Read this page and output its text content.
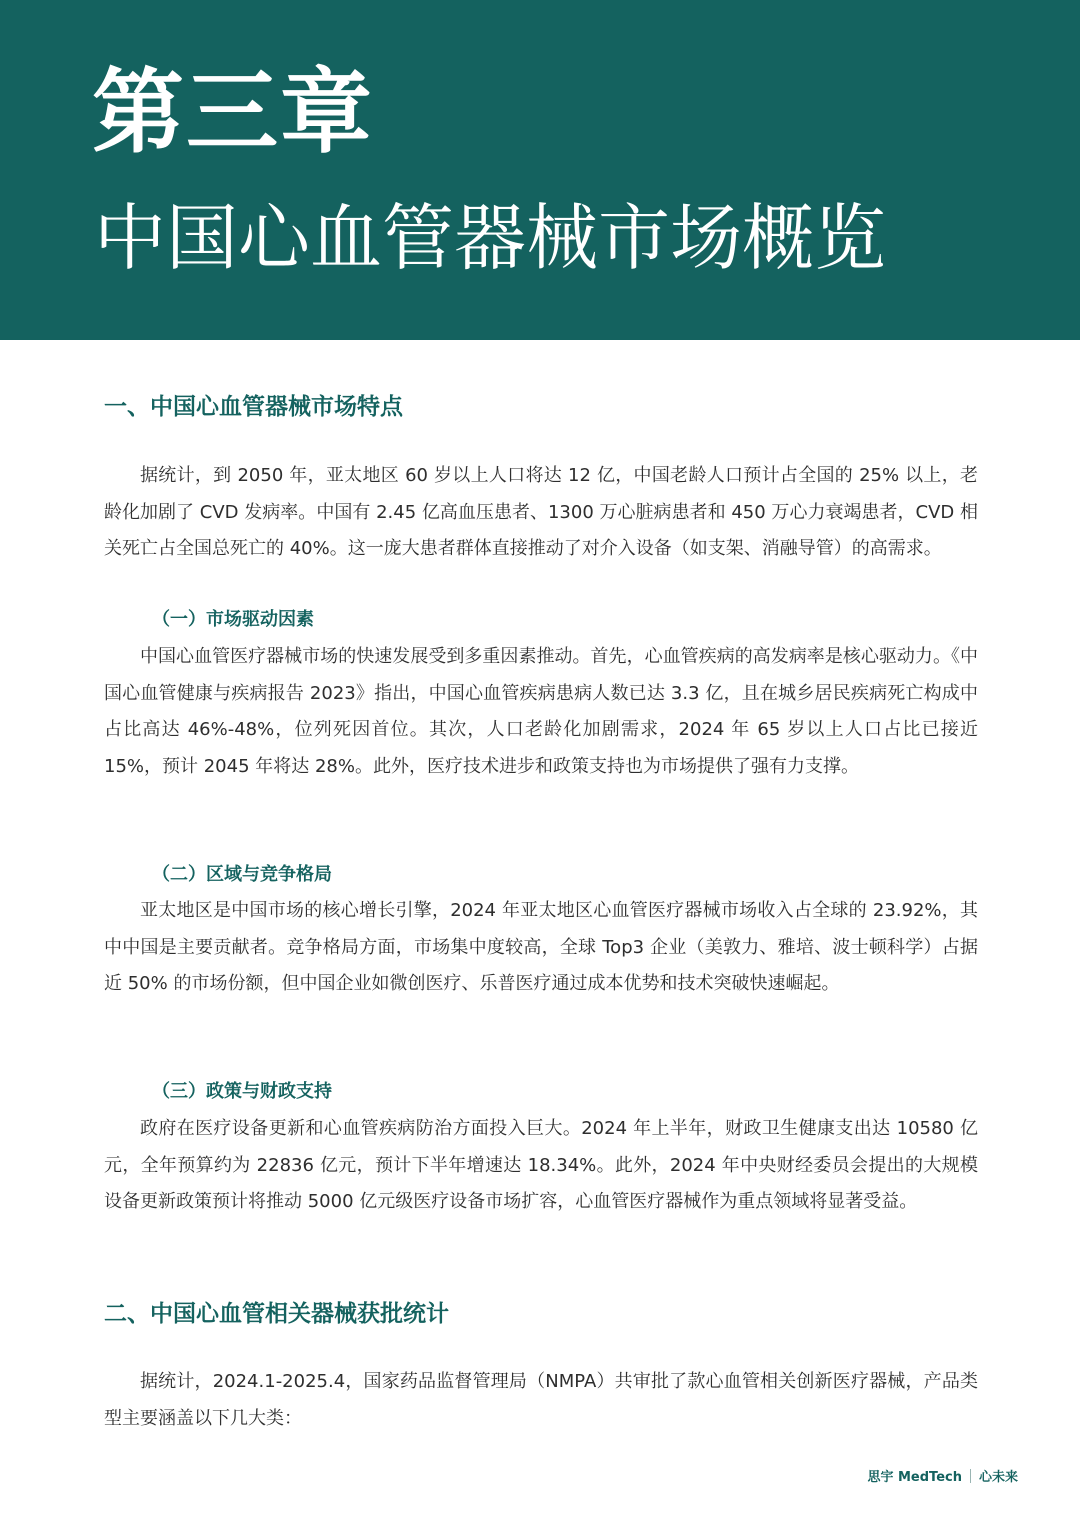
第三章
中国心血管器械市场概览
一、中国心血管器械市场特点

据统计，到 2050 年，亚太地区 60 岁以上人口将达 12 亿，中国老龄人口预计占全国的 25% 以上，老龄化加剧了 CVD 发病率。中国有 2.45 亿高血压患者、1300 万心脏病患者和 450 万心力衰竭患者，CVD 相关死亡占全国总死亡的 40%。这一庞大患者群体直接推动了对介入设备（如支架、消融导管）的高需求。

（一）市场驱动因素

中国心血管医疗器械市场的快速发展受到多重因素推动。首先，心血管疾病的高发病率是核心驱动力。《中国心血管健康与疾病报告 2023》指出，中国心血管疾病患病人数已达 3.3 亿，且在城乡居民疾病死亡构成中占比高达 46%-48%，位列死因首位。其次，人口老龄化加剧需求，2024 年 65 岁以上人口占比已接近 15%，预计 2045 年将达 28%。此外，医疗技术进步和政策支持也为市场提供了强有力支撑。

（二）区域与竞争格局

亚太地区是中国市场的核心增长引擎，2024 年亚太地区心血管医疗器械市场收入占全球的 23.92%，其中中国是主要贡献者。竞争格局方面，市场集中度较高，全球 Top3 企业（美敦力、雅培、波士顿科学）占据近 50% 的市场份额，但中国企业如微创医疗、乐普医疗通过成本优势和技术突破快速崛起。

（三）政策与财政支持

政府在医疗设备更新和心血管疾病防治方面投入巨大。2024 年上半年，财政卫生健康支出达 10580 亿元，全年预算约为 22836 亿元，预计下半年增速达 18.34%。此外，2024 年中央财经委员会提出的大规模设备更新政策预计将推动 5000 亿元级医疗设备市场扩容，心血管医疗器械作为重点领域将显著受益。

二、中国心血管相关器械获批统计

据统计，2024.1-2025.4，国家药品监督管理局（NMPA）共审批了款心血管相关创新医疗器械，产品类型主要涵盖以下几大类：

思宇 MedTech 心未来
